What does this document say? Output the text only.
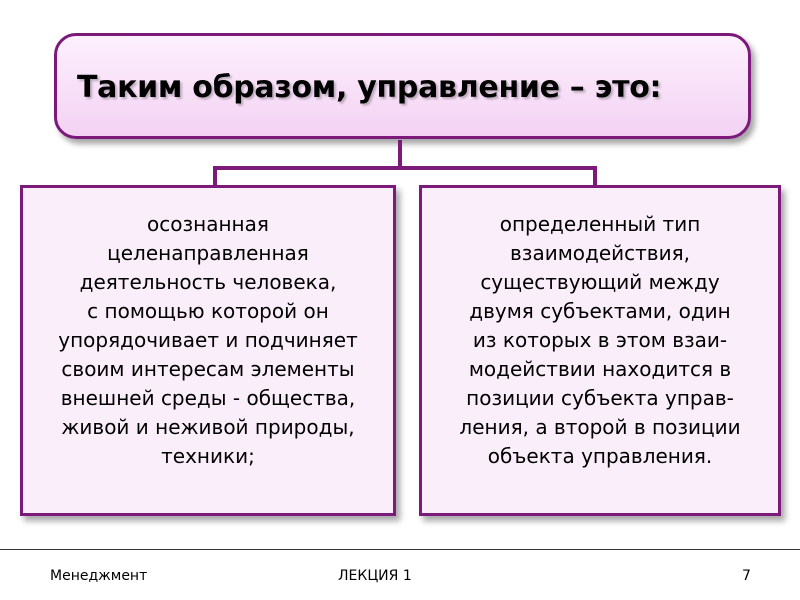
Таким образом, управление – это:
осознанная
целенаправленная
деятельность человека,
с помощью которой он
упорядочивает и подчиняет
своим интересам элементы
внешней среды - общества,
живой и неживой природы,
техники;
определенный тип
взаимодействия,
существующий между
двумя субъектами, один
из которых в этом взаи-
модействии находится в
позиции субъекта управ-
ления, а второй в позиции
объекта управления.
Менеджмент	ЛЕКЦИЯ 1	7
